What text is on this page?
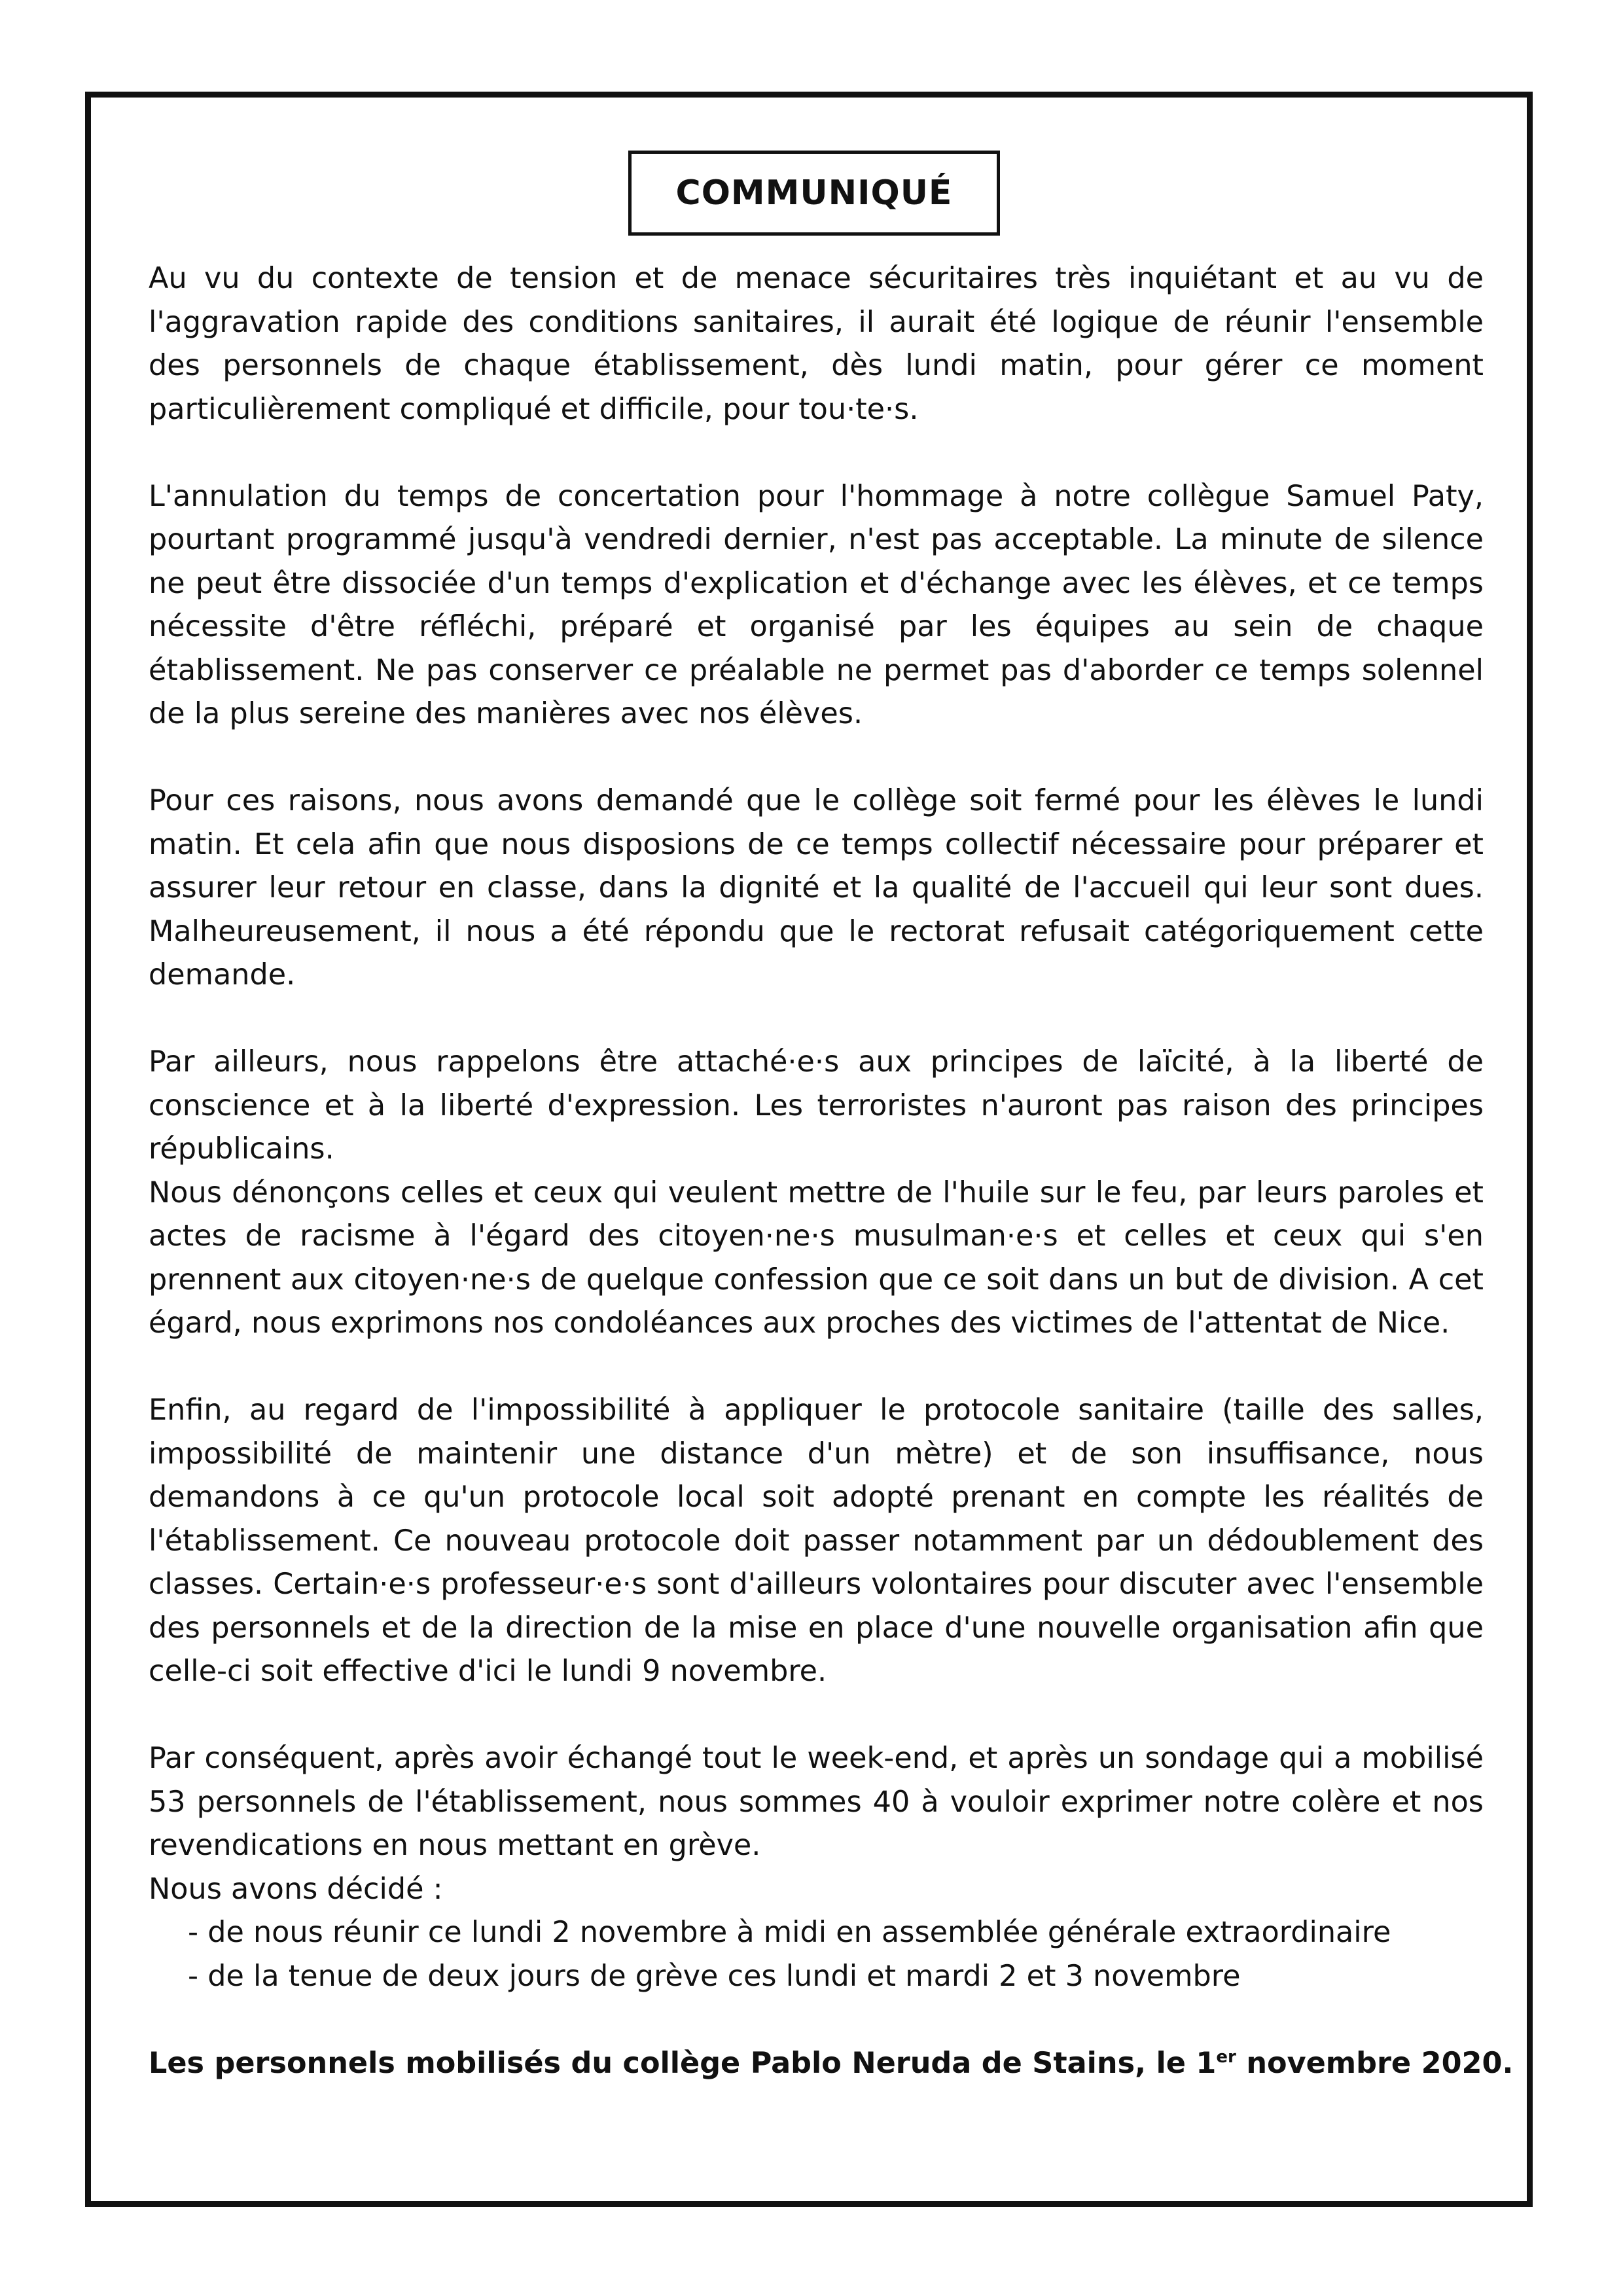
COMMUNIQUÉ

Au vu du contexte de tension et de menace sécuritaires très inquiétant et au vu de l'aggravation rapide des conditions sanitaires, il aurait été logique de réunir l'ensemble des personnels de chaque établissement, dès lundi matin, pour gérer ce moment particulièrement compliqué et difficile, pour tou·te·s.

L'annulation du temps de concertation pour l'hommage à notre collègue Samuel Paty, pourtant programmé jusqu'à vendredi dernier, n'est pas acceptable. La minute de silence ne peut être dissociée d'un temps d'explication et d'échange avec les élèves, et ce temps nécessite d'être réfléchi, préparé et organisé par les équipes au sein de chaque établissement. Ne pas conserver ce préalable ne permet pas d'aborder ce temps solennel de la plus sereine des manières avec nos élèves.

Pour ces raisons, nous avons demandé que le collège soit fermé pour les élèves le lundi matin. Et cela afin que nous disposions de ce temps collectif nécessaire pour préparer et assurer leur retour en classe, dans la dignité et la qualité de l'accueil qui leur sont dues. Malheureusement, il nous a été répondu que le rectorat refusait catégoriquement cette demande.

Par ailleurs, nous rappelons être attaché·e·s aux principes de laïcité, à la liberté de conscience et à la liberté d'expression. Les terroristes n'auront pas raison des principes républicains.

Nous dénonçons celles et ceux qui veulent mettre de l'huile sur le feu, par leurs paroles et actes de racisme à l'égard des citoyen·ne·s musulman·e·s et celles et ceux qui s'en prennent aux citoyen·ne·s de quelque confession que ce soit dans un but de division. A cet égard, nous exprimons nos condoléances aux proches des victimes de l'attentat de Nice.

Enfin, au regard de l'impossibilité à appliquer le protocole sanitaire (taille des salles, impossibilité de maintenir une distance d'un mètre) et de son insuffisance, nous demandons à ce qu'un protocole local soit adopté prenant en compte les réalités de l'établissement. Ce nouveau protocole doit passer notamment par un dédoublement des classes. Certain·e·s professeur·e·s sont d'ailleurs volontaires pour discuter avec l'ensemble des personnels et de la direction de la mise en place d'une nouvelle organisation afin que celle-ci soit effective d'ici le lundi 9 novembre.

Par conséquent, après avoir échangé tout le week-end, et après un sondage qui a mobilisé 53 personnels de l'établissement, nous sommes 40 à vouloir exprimer notre colère et nos revendications en nous mettant en grève.

Nous avons décidé :

- de nous réunir ce lundi 2 novembre à midi en assemblée générale extraordinaire
- de la tenue de deux jours de grève ces lundi et mardi 2 et 3 novembre

Les personnels mobilisés du collège Pablo Neruda de Stains, le 1er novembre 2020.
